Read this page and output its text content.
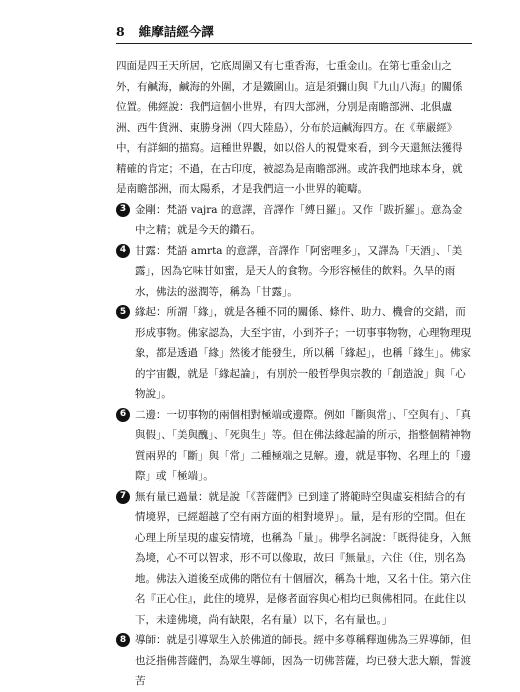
8 維摩詰經今譯

四面是四王天所居，它底周圍又有七重香海，七重金山。在第七重金山之外，有鹹海，鹹海的外圍，才是鐵圍山。這是須彌山與『九山八海』的關係位置。佛經說：我們這個小世界，有四大部洲，分別是南瞻部洲、北俱盧洲、西牛貨洲、東勝身洲（四大陸島），分布於這鹹海四方。在《華嚴經》中，有詳細的描寫。這種世界觀，如以俗人的視覺來看，到今天還無法獲得精確的肯定；不過，在古印度，被認為是南瞻部洲。或許我們地球本身，就是南瞻部洲，而太陽系，才是我們這一小世界的範疇。

3 金剛：梵語 vajra 的意譯，音譯作「縛日羅」。又作「跋折羅」。意為金中之精；就是今天的鑽石。

4 甘露：梵語 amrta 的意譯，音譯作「阿密哩多」，又譯為「天酒」、「美露」，因為它味甘如蜜，是天人的食物。今形容極佳的飲料。久旱的雨水，佛法的滋潤等，稱為「甘露」。

5 緣起：所謂「緣」，就是各種不同的關係、條件、助力、機會的交錯，而形成事物。佛家認為，大至宇宙，小到芥子；一切事事物物，心理物理現象，都是透過「緣」然後才能發生，所以稱「緣起」，也稱「緣生」。佛家的宇宙觀，就是「緣起論」，有別於一般哲學與宗教的「創造說」與「心物說」。

6 二邊：一切事物的兩個相對極端或邊際。例如「斷與常」、「空與有」、「真與假」、「美與醜」、「死與生」等。但在佛法緣起論的所示，指整個精神物質兩界的「斷」與「常」二種極端之見解。邊，就是事物、名理上的「邊際」或「極端」。

7 無有量已過量：就是說「《菩薩們》已到達了將範時空與虛妄相結合的有情境界，已經超越了空有兩方面的相對境界」。量，是有形的空間。但在心理上所呈現的虛妄情境，也稱為「量」。佛學名詞說：「既得徒身，入無為境，心不可以智求，形不可以像取，故曰『無量』，六住（住，別名為地。佛法入道後至成佛的階位有十個層次，稱為十地，又名十住。第六住名『正心住』，此住的境界，是修者面容與心相均已與佛相同。在此住以下，未達佛境，尚有缺限，名有量）以下，名有量也。」

8 導師：就是引導眾生入於佛道的師長。經中多尊稱釋迦佛為三界導師，但也泛指佛菩薩們，為眾生導師，因為一切佛菩薩，均已發大悲大願，誓渡苦
